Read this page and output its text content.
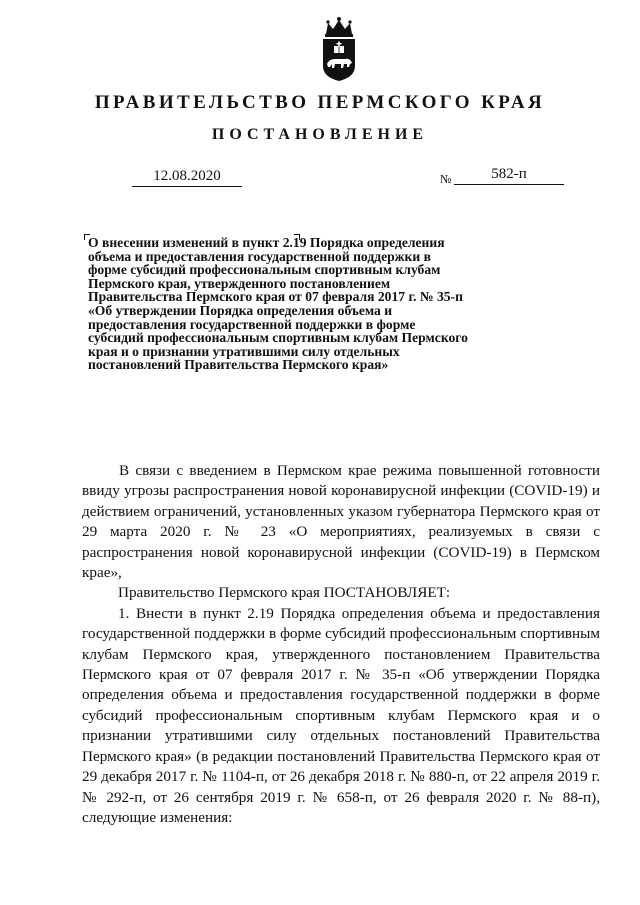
ПРАВИТЕЛЬСТВО ПЕРМСКОГО КРАЯ
ПОСТАНОВЛЕНИЕ
12.08.2020	№	582-п
О внесении изменений в пункт 2.19 Порядка определения объема и предоставления государственной поддержки в форме субсидий профессиональным спортивным клубам Пермского края, утвержденного постановлением Правительства Пермского края от 07 февраля 2017 г. № 35-п «Об утверждении Порядка определения объема и предоставления государственной поддержки в форме субсидий профессиональным спортивным клубам Пермского края и о признании утратившими силу отдельных постановлений Правительства Пермского края»

В связи с введением в Пермском крае режима повышенной готовности ввиду угрозы распространения новой коронавирусной инфекции (COVID-19) и действием ограничений, установленных указом губернатора Пермского края от 29 марта 2020 г. № 23 «О мероприятиях, реализуемых в связи с распространения новой коронавирусной инфекции (COVID-19) в Пермском крае»,

Правительство Пермского края ПОСТАНОВЛЯЕТ:

1. Внести в пункт 2.19 Порядка определения объема и предоставления государственной поддержки в форме субсидий профессиональным спортивным клубам Пермского края, утвержденного постановлением Правительства Пермского края от 07 февраля 2017 г. № 35-п «Об утверждении Порядка определения объема и предоставления государственной поддержки в форме субсидий профессиональным спортивным клубам Пермского края и о признании утратившими силу отдельных постановлений Правительства Пермского края» (в редакции постановлений Правительства Пермского края от 29 декабря 2017 г. № 1104-п, от 26 декабря 2018 г. № 880-п, от 22 апреля 2019 г. № 292-п, от 26 сентября 2019 г. № 658-п, от 26 февраля 2020 г. № 88-п), следующие изменения:
